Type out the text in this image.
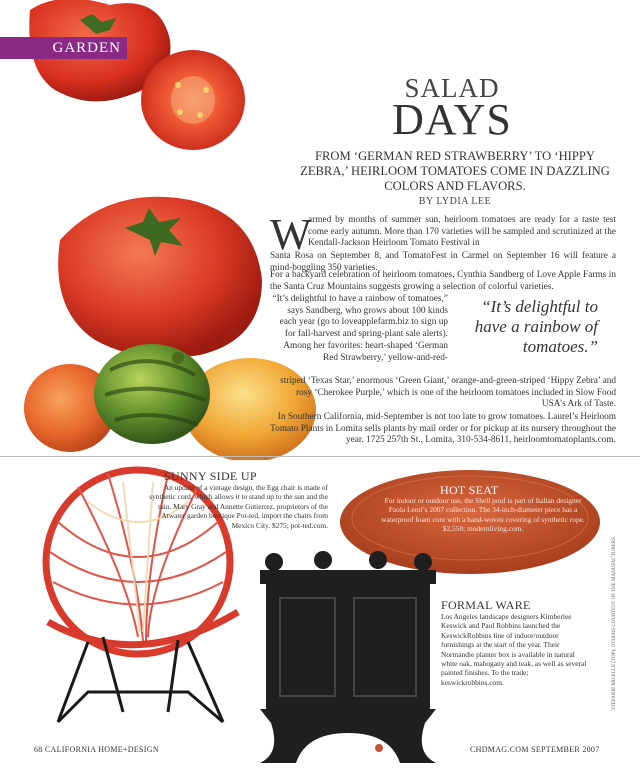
GARDEN
SALAD
DAYS
FROM ‘GERMAN RED STRAWBERRY’ TO ‘HIPPY ZEBRA,’ HEIRLOOM TOMATOES COME IN DAZZLING COLORS AND FLAVORS.
BY LYDIA LEE
W
armed by months of summer sun, heirloom tomatoes are ready for a taste test come early autumn. More than 170 varieties will be sampled and scrutinized at the Kendall-Jackson Heirloom Tomato Festival in
Santa Rosa on September 8, and TomatoFest in Carmel on September 16 will feature a mind-boggling 350 varieties.
For a backyard celebration of heirloom tomatoes, Cynthia Sandberg of Love Apple Farms in the Santa Cruz Mountains suggests growing a selection of colorful varieties.
“It’s delightful to have a rainbow of tomatoes,” says Sandberg, who grows about 100 kinds each year (go to loveapplefarm.biz to sign up for fall-harvest and spring-plant sale alerts). Among her favorites: heart-shaped ‘German Red Strawberry,’ yellow-and-red-
“It’s delightful to have a rainbow of tomatoes.”
striped ‘Texas Star,’ enormous ‘Green Giant,’ orange-and-green-striped ‘Hippy Zebra’ and rosy ‘Cherokee Purple,’ which is one of the heirloom tomatoes included in Slow Food USA’s Ark of Taste.
In Southern California, mid-September is not too late to grow tomatoes. Laurel’s Heirloom Tomato Plants in Lomita sells plants by mail order or for pickup at its nursery throughout the year. 1725 257th St., Lomita, 310-534-8611, heirloomtomatoplants.com.
SUNNY SIDE UP
An update of a vintage design, the Egg chair is made of synthetic cord, which allows it to stand up to the sun and the rain. Mary Gray and Annette Gutierrez, proprietors of the Atwater garden boutique Pot-ted, import the chairs from Mexico City. $275; pot-ted.com.
HOT SEAT
For indoor or outdoor use, the Shell pouf is part of Italian designer Paola Lenti’s 2007 collection. The 34-inch-diameter piece has a waterproof foam core with a hand-woven covering of synthetic rope. $2,550; modernliving.com.
FORMAL WARE
Los Angeles landscape designers Kimberlee Keswick and Paul Robbins launched the KeswickRobbins line of indoor/outdoor furnishings at the start of the year. Their Normandie planter box is available in natural white oak, mahogany and teak, as well as several painted finishes. To the trade; keswickrobbins.com.
68 CALIFORNIA HOME+DESIGN	CHDMAG.COM SEPTEMBER 2007
STEFANIE MICELLE (TOP); OTHERS COURTESY OF THE MANUFACTURERS
